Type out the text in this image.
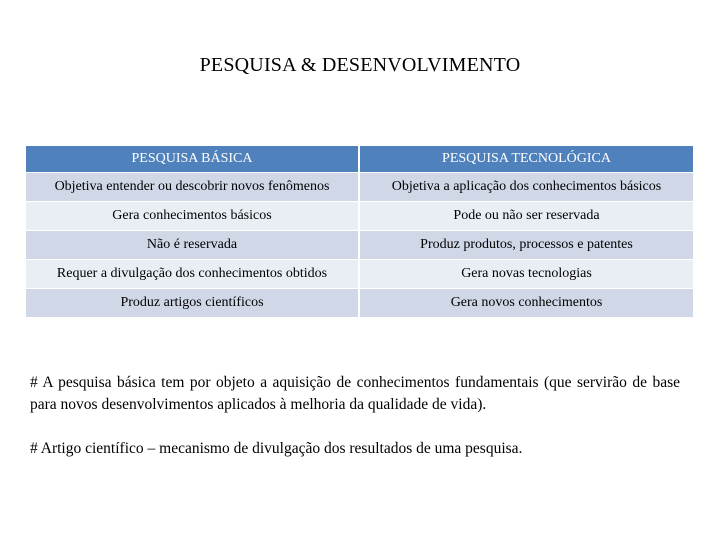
PESQUISA & DESENVOLVIMENTO
PESQUISA BÁSICA	PESQUISA TECNOLÓGICA
Objetiva entender ou descobrir novos fenômenos	Objetiva a aplicação dos conhecimentos básicos
Gera conhecimentos básicos	Pode ou não ser reservada
Não é reservada	Produz produtos, processos e patentes
Requer a divulgação dos conhecimentos obtidos	Gera novas tecnologias
Produz artigos científicos	Gera novos conhecimentos

# A pesquisa básica tem por objeto a aquisição de conhecimentos fundamentais (que servirão de base para novos desenvolvimentos aplicados à melhoria da qualidade de vida).

# Artigo científico – mecanismo de divulgação dos resultados de uma pesquisa.
